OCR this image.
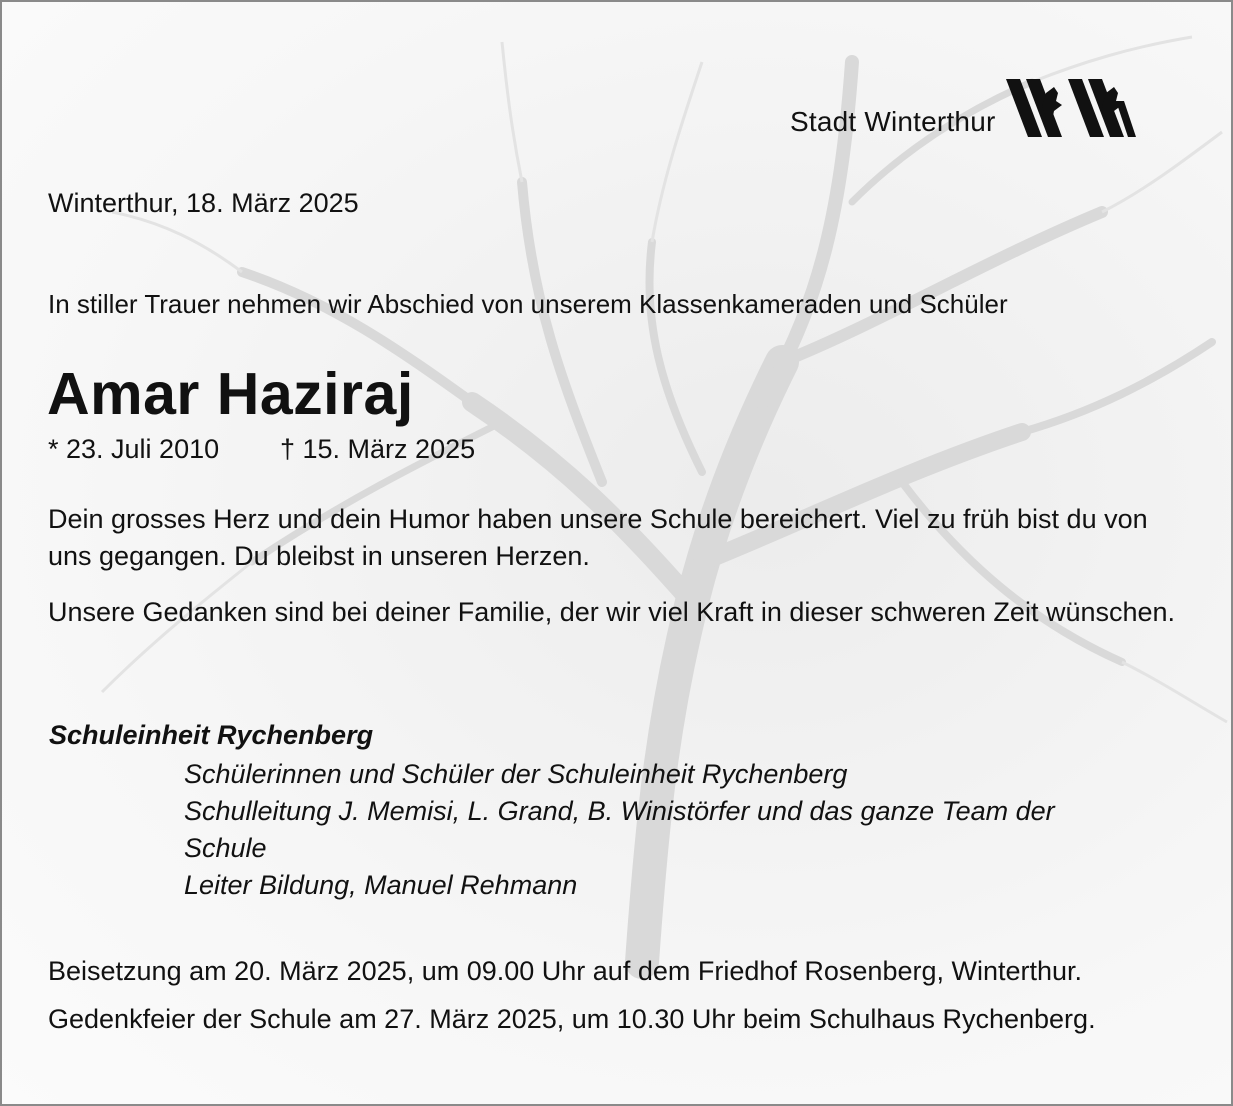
Stadt Winterthur
Winterthur, 18. März 2025
In stiller Trauer nehmen wir Abschied von unserem Klassenkameraden und Schüler
Amar Haziraj
* 23. Juli 2010 † 15. März 2025
Dein grosses Herz und dein Humor haben unsere Schule bereichert. Viel zu früh bist du von uns gegangen. Du bleibst in unseren Herzen.
Unsere Gedanken sind bei deiner Familie, der wir viel Kraft in dieser schweren Zeit wünschen.
Schuleinheit Rychenberg
Schülerinnen und Schüler der Schuleinheit Rychenberg
Schulleitung J. Memisi, L. Grand, B. Winistörfer und das ganze Team der Schule
Leiter Bildung, Manuel Rehmann
Beisetzung am 20. März 2025, um 09.00 Uhr auf dem Friedhof Rosenberg, Winterthur.
Gedenkfeier der Schule am 27. März 2025, um 10.30 Uhr beim Schulhaus Rychenberg.
